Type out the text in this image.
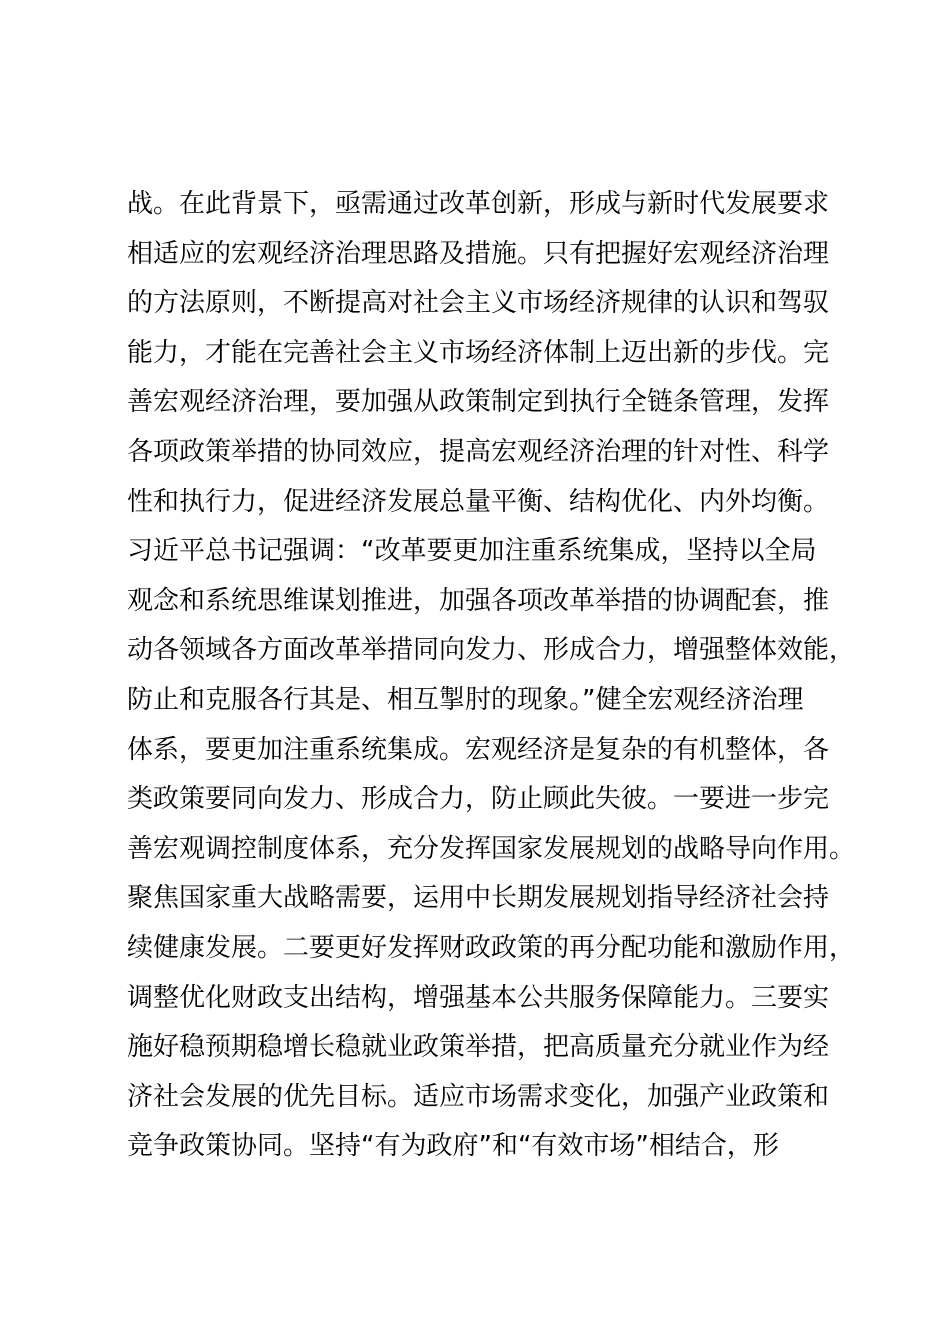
战。在此背景下，亟需通过改革创新，形成与新时代发展要求
相适应的宏观经济治理思路及措施。只有把握好宏观经济治理
的方法原则，不断提高对社会主义市场经济规律的认识和驾驭
能力，才能在完善社会主义市场经济体制上迈出新的步伐。完
善宏观经济治理，要加强从政策制定到执行全链条管理，发挥
各项政策举措的协同效应，提高宏观经济治理的针对性、科学
性和执行力，促进经济发展总量平衡、结构优化、内外均衡。
习近平总书记强调：“改革要更加注重系统集成，坚持以全局
观念和系统思维谋划推进，加强各项改革举措的协调配套，推
动各领域各方面改革举措同向发力、形成合力，增强整体效能，
防止和克服各行其是、相互掣肘的现象。”健全宏观经济治理
体系，要更加注重系统集成。宏观经济是复杂的有机整体，各
类政策要同向发力、形成合力，防止顾此失彼。一要进一步完
善宏观调控制度体系，充分发挥国家发展规划的战略导向作用。
聚焦国家重大战略需要，运用中长期发展规划指导经济社会持
续健康发展。二要更好发挥财政政策的再分配功能和激励作用，
调整优化财政支出结构，增强基本公共服务保障能力。三要实
施好稳预期稳增长稳就业政策举措，把高质量充分就业作为经
济社会发展的优先目标。适应市场需求变化，加强产业政策和
竞争政策协同。坚持“有为政府”和“有效市场”相结合，形
